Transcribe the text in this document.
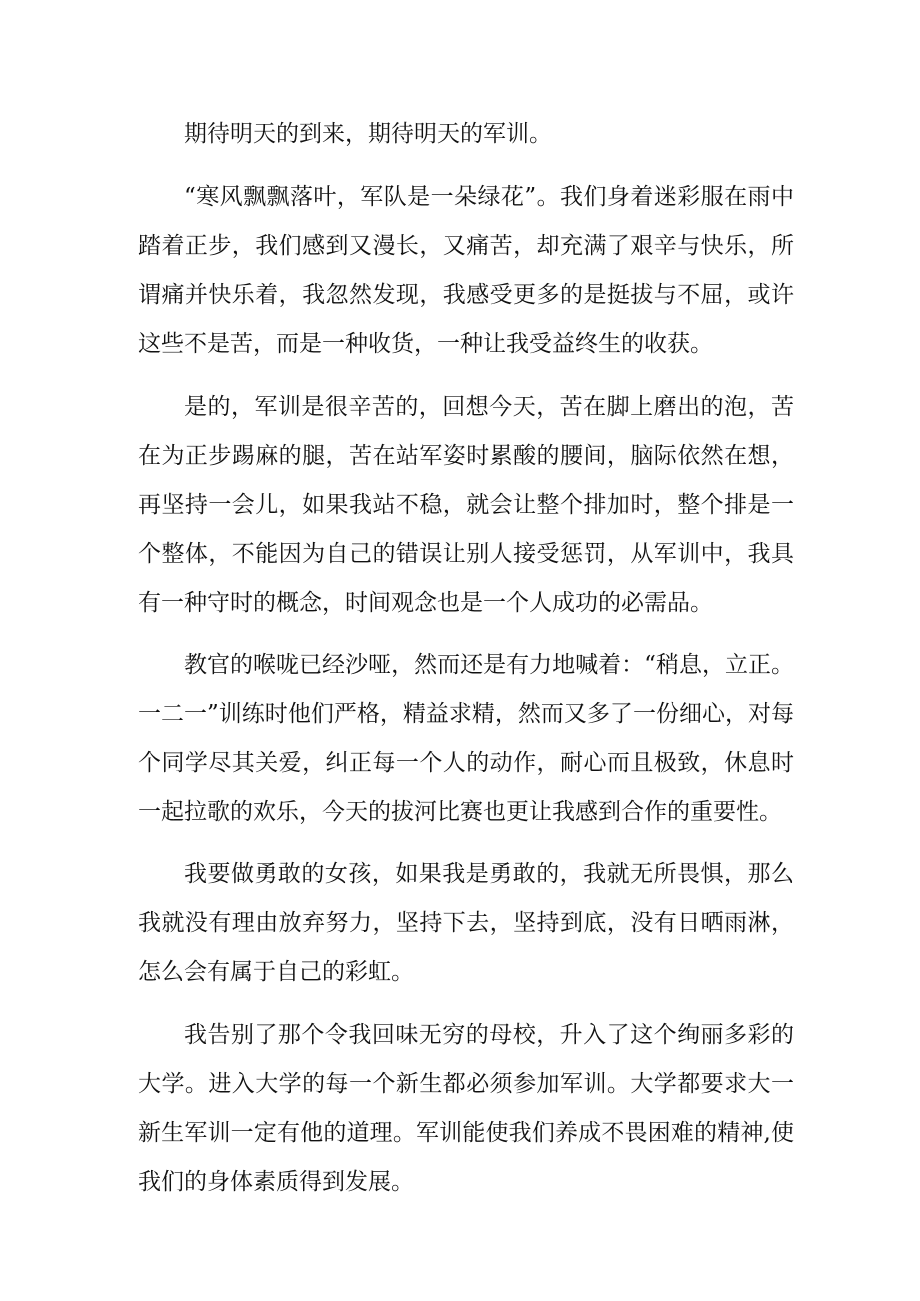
期待明天的到来，期待明天的军训。

“寒风飘飘落叶，军队是一朵绿花”。我们身着迷彩服在雨中踏着正步，我们感到又漫长，又痛苦，却充满了艰辛与快乐，所谓痛并快乐着，我忽然发现，我感受更多的是挺拔与不屈，或许这些不是苦，而是一种收货，一种让我受益终生的收获。

是的，军训是很辛苦的，回想今天，苦在脚上磨出的泡，苦在为正步踢麻的腿，苦在站军姿时累酸的腰间，脑际依然在想，再坚持一会儿，如果我站不稳，就会让整个排加时，整个排是一个整体，不能因为自己的错误让别人接受惩罚，从军训中，我具有一种守时的概念，时间观念也是一个人成功的必需品。

教官的喉咙已经沙哑，然而还是有力地喊着：“稍息，立正。一二一”训练时他们严格，精益求精，然而又多了一份细心，对每个同学尽其关爱，纠正每一个人的动作，耐心而且极致，休息时一起拉歌的欢乐，今天的拔河比赛也更让我感到合作的重要性。

我要做勇敢的女孩，如果我是勇敢的，我就无所畏惧，那么我就没有理由放弃努力，坚持下去，坚持到底，没有日晒雨淋，怎么会有属于自己的彩虹。

我告别了那个令我回味无穷的母校，升入了这个绚丽多彩的大学。进入大学的每一个新生都必须参加军训。大学都要求大一新生军训一定有他的道理。军训能使我们养成不畏困难的精神,使我们的身体素质得到发展。
